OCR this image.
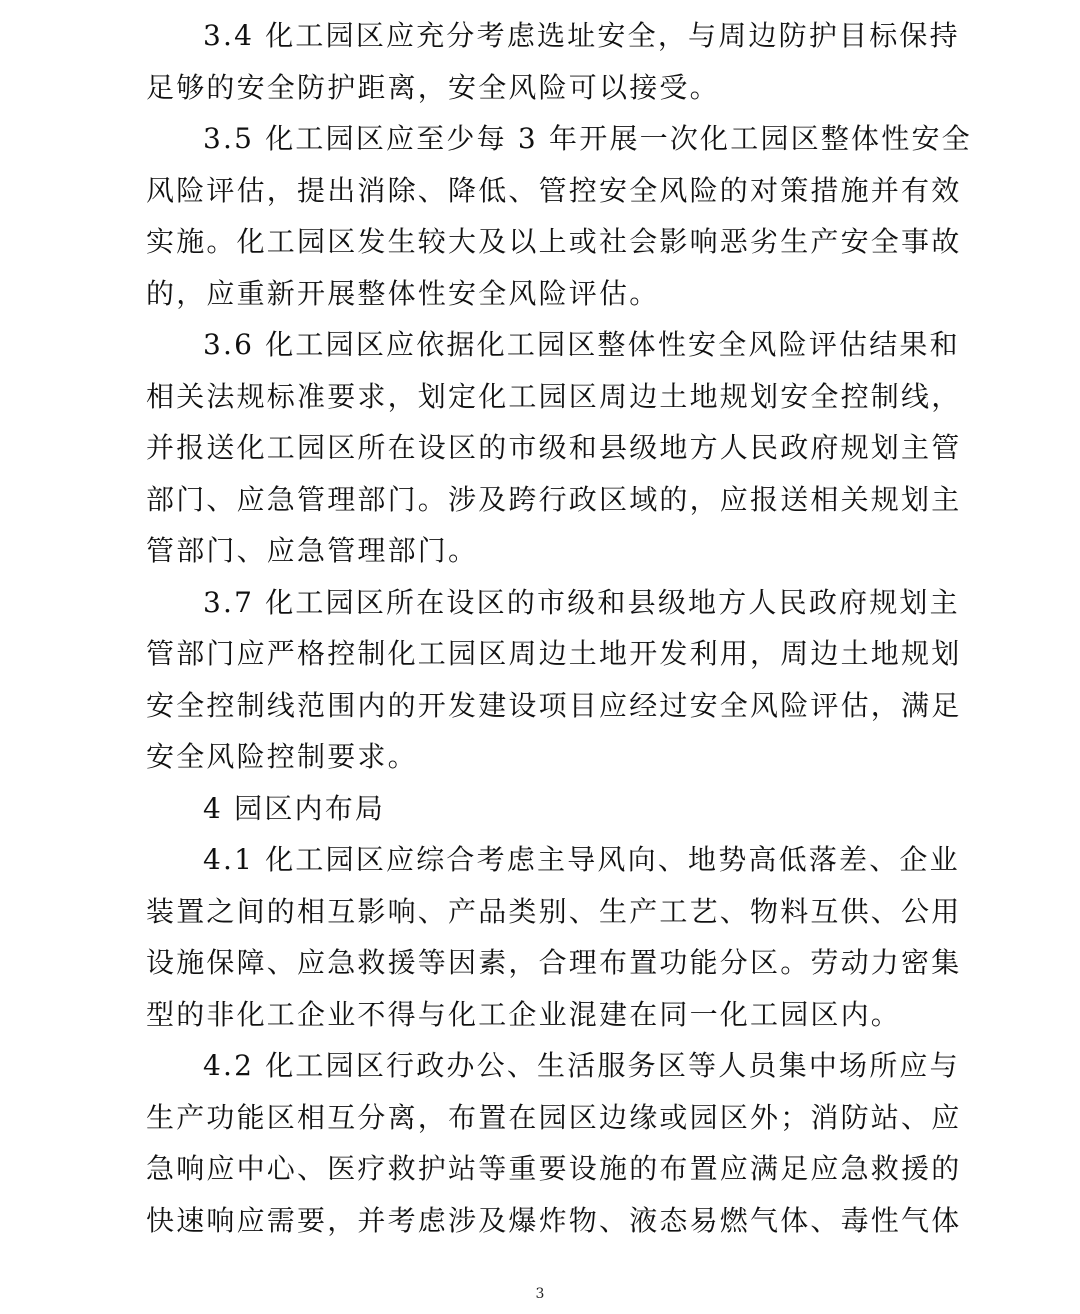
3.4 化工园区应充分考虑选址安全，与周边防护目标保持
足够的安全防护距离，安全风险可以接受。
3.5 化工园区应至少每 3 年开展一次化工园区整体性安全
风险评估，提出消除、降低、管控安全风险的对策措施并有效
实施。化工园区发生较大及以上或社会影响恶劣生产安全事故
的，应重新开展整体性安全风险评估。
3.6 化工园区应依据化工园区整体性安全风险评估结果和
相关法规标准要求，划定化工园区周边土地规划安全控制线，
并报送化工园区所在设区的市级和县级地方人民政府规划主管
部门、应急管理部门。涉及跨行政区域的，应报送相关规划主
管部门、应急管理部门。
3.7 化工园区所在设区的市级和县级地方人民政府规划主
管部门应严格控制化工园区周边土地开发利用，周边土地规划
安全控制线范围内的开发建设项目应经过安全风险评估，满足
安全风险控制要求。
4 园区内布局
4.1 化工园区应综合考虑主导风向、地势高低落差、企业
装置之间的相互影响、产品类别、生产工艺、物料互供、公用
设施保障、应急救援等因素，合理布置功能分区。劳动力密集
型的非化工企业不得与化工企业混建在同一化工园区内。
4.2 化工园区行政办公、生活服务区等人员集中场所应与
生产功能区相互分离，布置在园区边缘或园区外；消防站、应
急响应中心、医疗救护站等重要设施的布置应满足应急救援的
快速响应需要，并考虑涉及爆炸物、液态易燃气体、毒性气体
3
